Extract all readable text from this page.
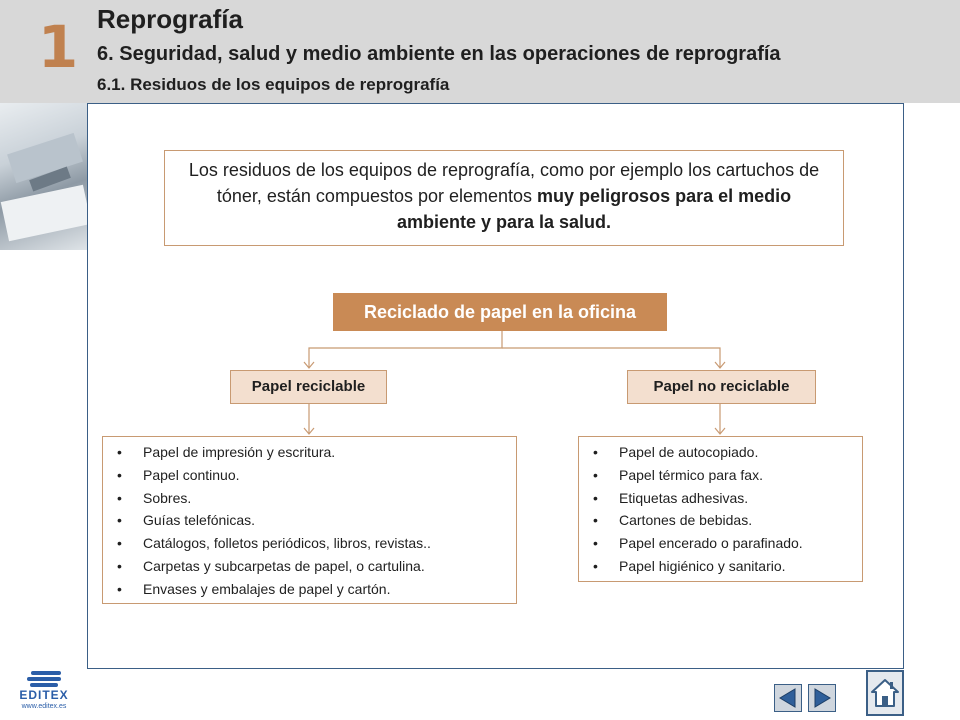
1 Reprografía
6. Seguridad, salud y medio ambiente en las operaciones de reprografía
6.1. Residuos de los equipos de reprografía
Los residuos de los equipos de reprografía, como por ejemplo los cartuchos de tóner, están compuestos por elementos muy peligrosos para el medio ambiente y para la salud.
Reciclado de papel en la oficina
Papel reciclable	Papel no reciclable
• Papel de impresión y escritura.
• Papel continuo.
• Sobres.
• Guías telefónicas.
• Catálogos, folletos periódicos, libros, revistas..
• Carpetas y subcarpetas de papel, o cartulina.
• Envases y embalajes de papel y cartón.
• Papel de autocopiado.
• Papel térmico para fax.
• Etiquetas adhesivas.
• Cartones de bebidas.
• Papel encerado o parafinado.
• Papel higiénico y sanitario.
EDITEX
www.editex.es
